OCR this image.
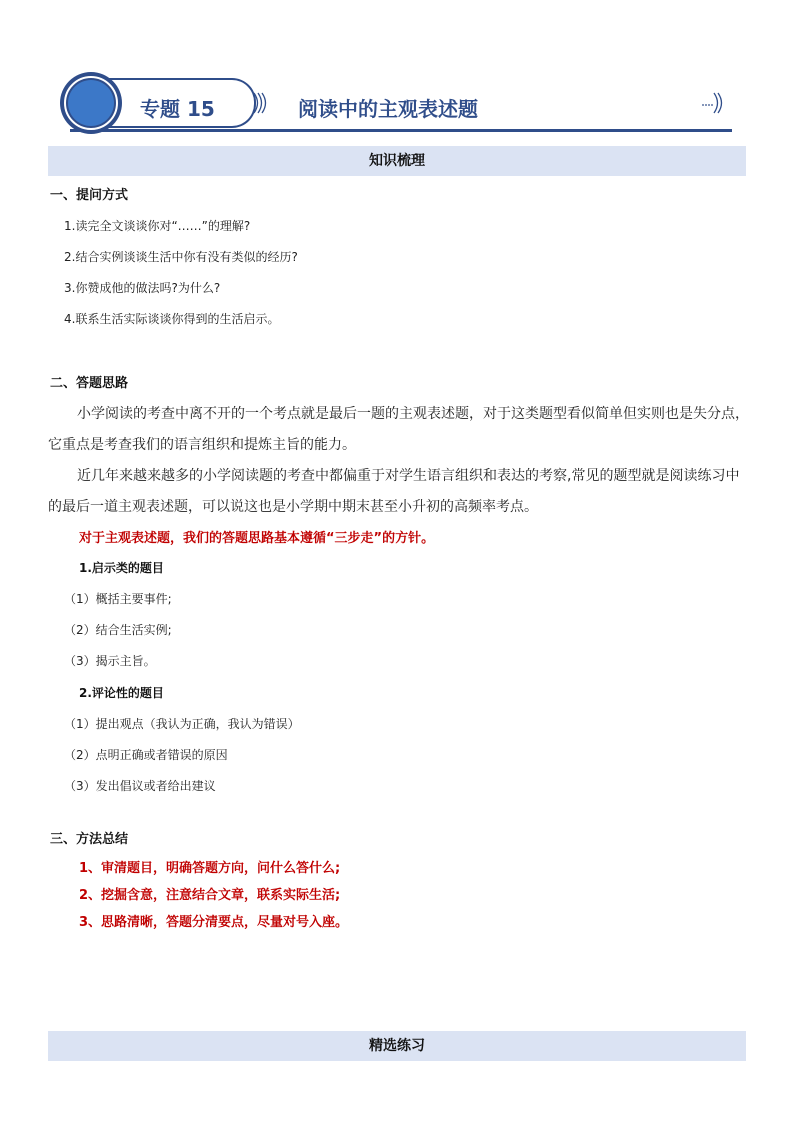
专题 15	阅读中的主观表述题
知识梳理
一、提问方式
1.读完全文谈谈你对“……”的理解?
2.结合实例谈谈生活中你有没有类似的经历?
3.你赞成他的做法吗?为什么?
4.联系生活实际谈谈你得到的生活启示。
二、答题思路
小学阅读的考查中离不开的一个考点就是最后一题的主观表述题，对于这类题型看似简单但实则也是失分点，
它重点是考查我们的语言组织和提炼主旨的能力。
近几年来越来越多的小学阅读题的考查中都偏重于对学生语言组织和表达的考察,常见的题型就是阅读练习中
的最后一道主观表述题，可以说这也是小学期中期末甚至小升初的高频率考点。
对于主观表述题，我们的答题思路基本遵循“三步走”的方针。
1.启示类的题目
（1）概括主要事件;
（2）结合生活实例;
（3）揭示主旨。
2.评论性的题目
（1）提出观点（我认为正确，我认为错误）
（2）点明正确或者错误的原因
（3）发出倡议或者给出建议
三、方法总结
1、审清题目，明确答题方向，问什么答什么;
2、挖掘含意，注意结合文章，联系实际生活;
3、思路清晰，答题分清要点，尽量对号入座。
精选练习
